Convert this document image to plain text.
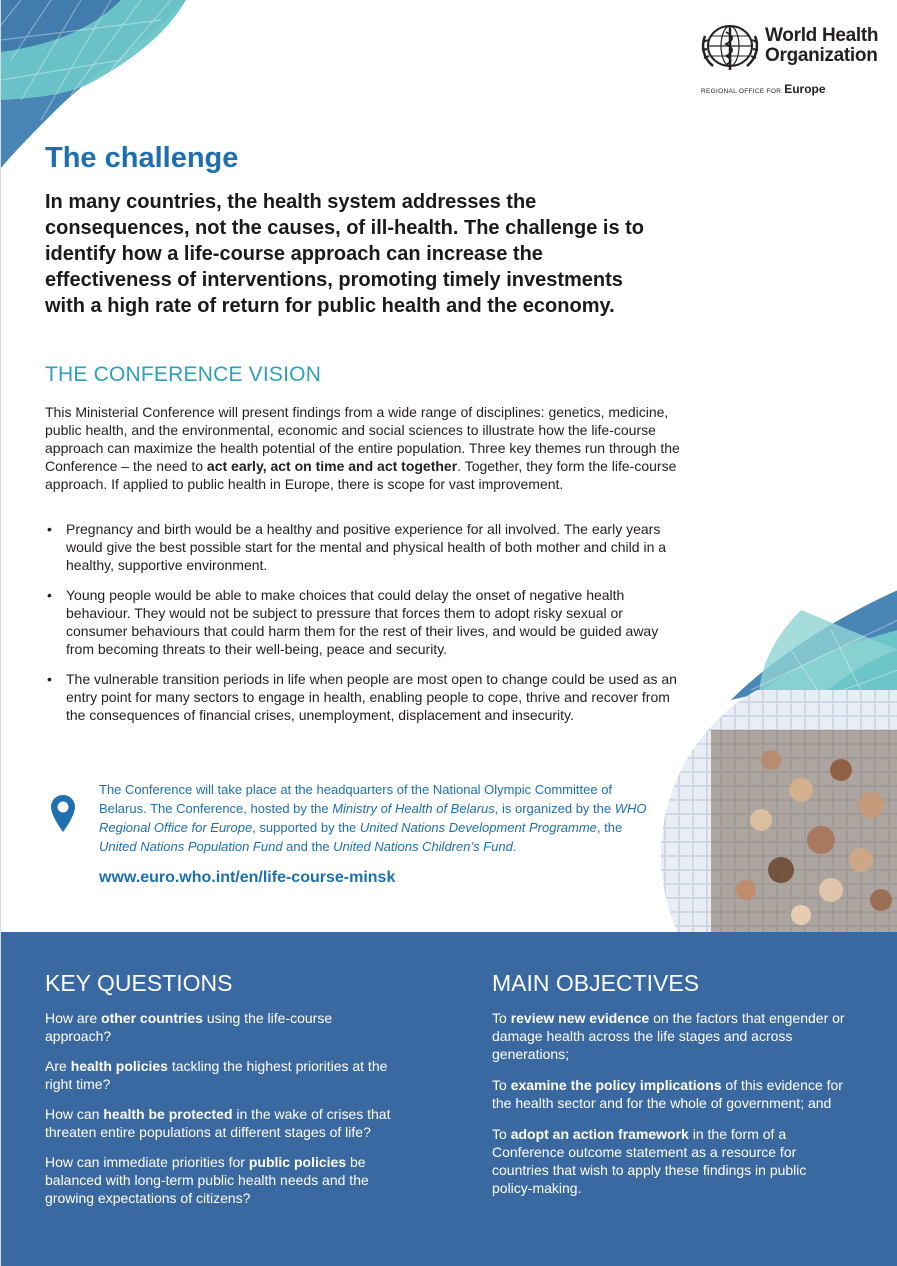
World Health
Organization
REGIONAL OFFICE FOR Europe
The challenge

In many countries, the health system addresses the consequences, not the causes, of ill-health. The challenge is to identify how a life-course approach can increase the effectiveness of interventions, promoting timely investments with a high rate of return for public health and the economy.

THE CONFERENCE VISION

This Ministerial Conference will present findings from a wide range of disciplines: genetics, medicine, public health, and the environmental, economic and social sciences to illustrate how the life-course approach can maximize the health potential of the entire population. Three key themes run through the Conference – the need to act early, act on time and act together. Together, they form the life-course approach. If applied to public health in Europe, there is scope for vast improvement.

• Pregnancy and birth would be a healthy and positive experience for all involved. The early years would give the best possible start for the mental and physical health of both mother and child in a healthy, supportive environment.
• Young people would be able to make choices that could delay the onset of negative health behaviour. They would not be subject to pressure that forces them to adopt risky sexual or consumer behaviours that could harm them for the rest of their lives, and would be guided away from becoming threats to their well-being, peace and security.
• The vulnerable transition periods in life when people are most open to change could be used as an entry point for many sectors to engage in health, enabling people to cope, thrive and recover from the consequences of financial crises, unemployment, displacement and insecurity.

The Conference will take place at the headquarters of the National Olympic Committee of Belarus. The Conference, hosted by the Ministry of Health of Belarus, is organized by the WHO Regional Office for Europe, supported by the United Nations Development Programme, the United Nations Population Fund and the United Nations Children’s Fund.

www.euro.who.int/en/life-course-minsk
KEY QUESTIONS

How are other countries using the life-course approach?

Are health policies tackling the highest priorities at the right time?

How can health be protected in the wake of crises that threaten entire populations at different stages of life?

How can immediate priorities for public policies be balanced with long-term public health needs and the growing expectations of citizens?

MAIN OBJECTIVES

To review new evidence on the factors that engender or damage health across the life stages and across generations;

To examine the policy implications of this evidence for the health sector and for the whole of government; and

To adopt an action framework in the form of a Conference outcome statement as a resource for countries that wish to apply these findings in public policy-making.
